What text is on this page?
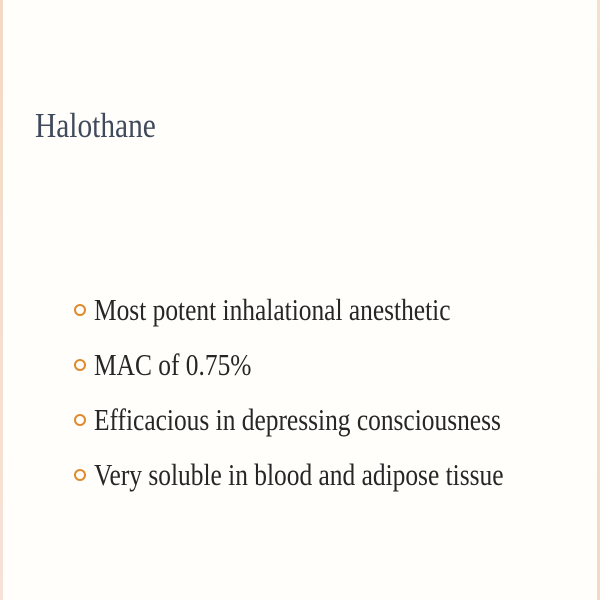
Halothane
Most potent inhalational anesthetic
MAC of 0.75%
Efficacious in depressing consciousness
Very soluble in blood and adipose tissue
